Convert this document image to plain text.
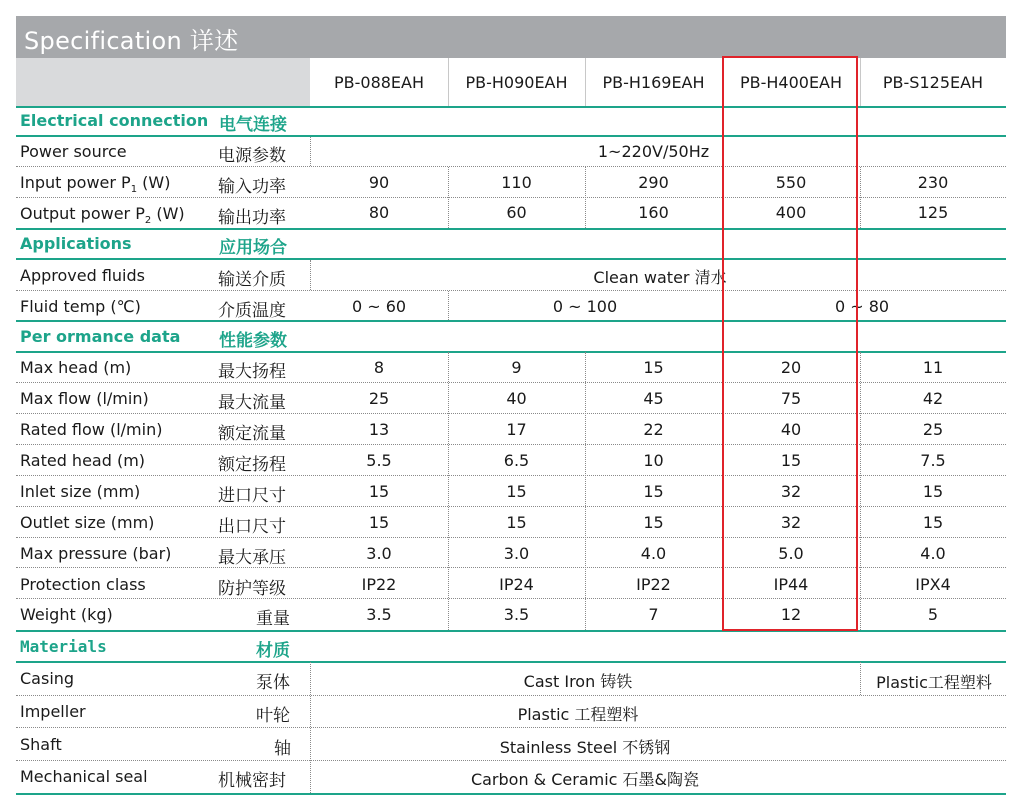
Specification 详述
PB-088EAH	PB-H090EAH	PB-H169EAH	PB-H400EAH	PB-S125EAH
Electrical connection 电气连接
Power source	电源参数	1~220V/50Hz
Input power $P_1$ (W)	输入功率	90	110	290	550	230
Output power $P_2$ (W) 输出功率	80	60	160	400	125
Applications	应用场合
Approved fluids	输送介质	Clean water 清水
Fluid temp (℃)	介质温度	0 ~ 60	0 ~ 100	0 ~ 80
Per ormance data 性能参数
Max head (m)	最大扬程	8	9	15	20	11
Max flow (l/min)	最大流量	25	40	45	75	42
Rated flow (l/min)	额定流量	13	17	22	40	25
Rated head (m)	额定扬程	5.5	6.5	10	15	7.5
Inlet size (mm)	进口尺寸	15	15	15	32	15
Outlet size (mm)	出口尺寸	15	15	15	32	15
Max pressure (bar)	最大承压	3.0	3.0	4.0	5.0	4.0
Protection class	防护等级	IP22	IP24	IP22	IP44	IPX4
Weight (kg)	重量	3.5	3.5	7	12	5
Materials	材质
Casing	泵体	Cast Iron 铸铁	Plastic工程塑料
Impeller	叶轮	Plastic 工程塑料
Shaft	轴	Stainless Steel 不锈钢
Mechanical seal	机械密封	Carbon & Ceramic 石墨&陶瓷
